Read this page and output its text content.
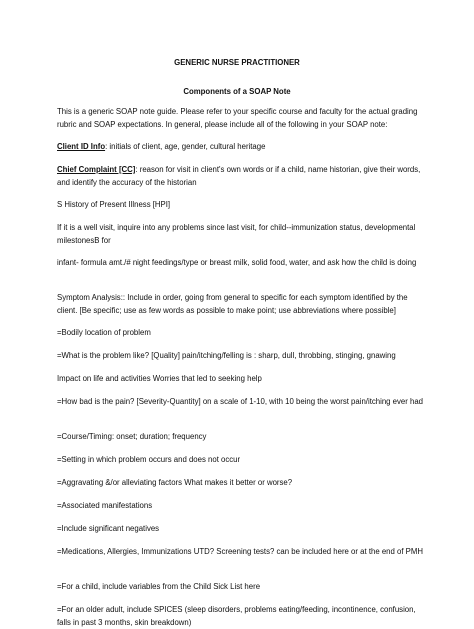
GENERIC NURSE PRACTITIONER
Components of a SOAP Note
This is a generic SOAP note guide. Please refer to your specific course and faculty for the actual grading rubric and SOAP expectations. In general, please include all of the following in your SOAP note:
Client ID Info: initials of client, age, gender, cultural heritage
Chief Complaint [CC]: reason for visit in client's own words or if a child, name historian, give their words, and identify the accuracy of the historian
S History of Present Illness [HPI]
If it is a well visit, inquire into any problems since last visit, for child--immunization status, developmental milestonesB for
infant- formula amt./# night feedings/type or breast milk, solid food, water, and ask how the child is doing
Symptom Analysis:: Include in order, going from general to specific for each symptom identified by the client. [Be specific; use as few words as possible to make point; use abbreviations where possible]
=Bodily location of problem
=What is the problem like? [Quality] pain/itching/felling is : sharp, dull, throbbing, stinging, gnawing
Impact on life and activities Worries that led to seeking help
=How bad is the pain? [Severity-Quantity] on a scale of 1-10, with 10 being the worst pain/itching ever had
=Course/Timing: onset; duration; frequency
=Setting in which problem occurs and does not occur
=Aggravating &/or alleviating factors What makes it better or worse?
=Associated manifestations
=Include significant negatives
=Medications, Allergies, Immunizations UTD? Screening tests? can be included here or at the end of PMH
=For a child, include variables from the Child Sick List here
=For an older adult, include SPICES (sleep disorders, problems eating/feeding, incontinence, confusion, falls in past 3 months, skin breakdown)
